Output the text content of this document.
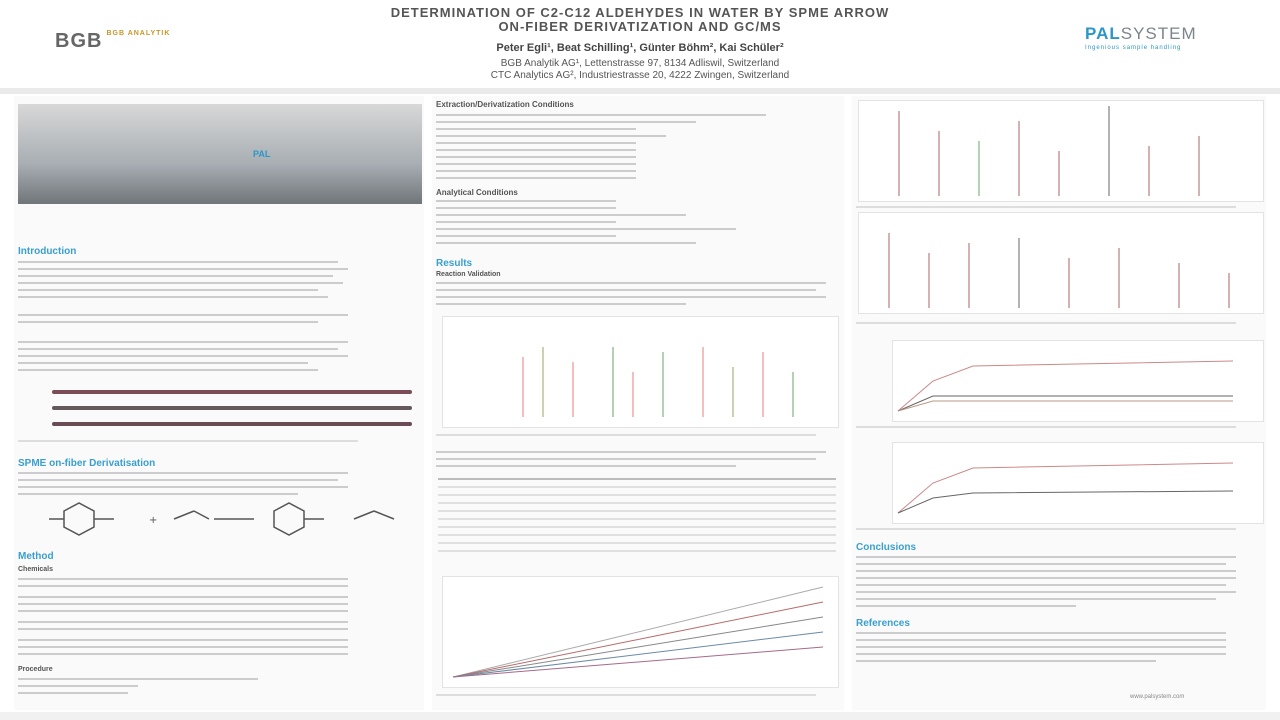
BGB BGB ANALYTIK
DETERMINATION OF C2-C12 ALDEHYDES IN WATER BY SPME ARROW
ON-FIBER DERIVATIZATION AND GC/MS
Peter Egli¹, Beat Schilling¹, Günter Böhm², Kai Schüler²
BGB Analytik AG¹, Lettenstrasse 97, 8134 Adliswil, Switzerland
CTC Analytics AG², Industriestrasse 20, 4222 Zwingen, Switzerland
PALSYSTEM
Ingenious sample handling
PAL
Introduction
SPME on-fiber Derivatisation
+
Method
Chemicals
Procedure
Extraction/Derivatization Conditions
Analytical Conditions
Results
Reaction Validation
Conclusions
References
www.palsystem.com
